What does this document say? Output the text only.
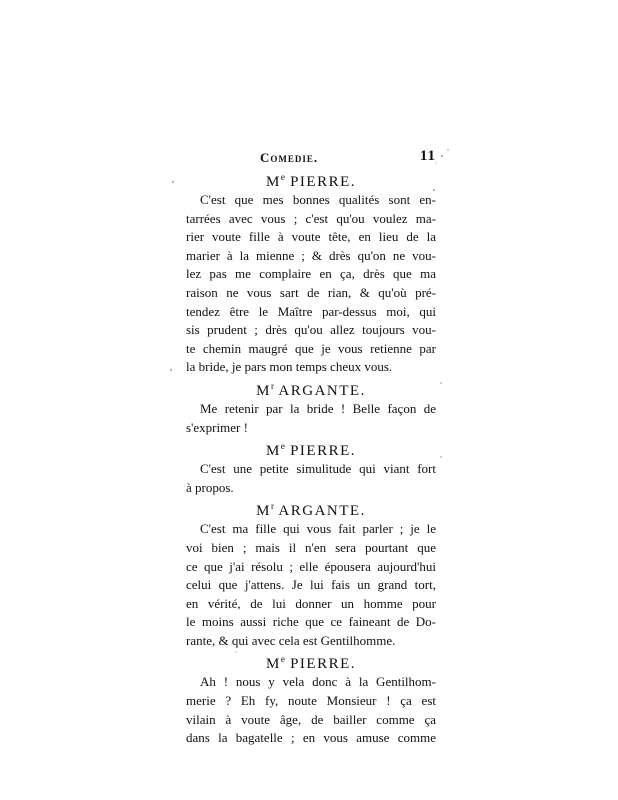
Comedie.	11
Me PIERRE.
C'est que mes bonnes qualités sont en-
tarrées avec vous ; c'est qu'ou voulez ma-
rier voute fille à voute tête, en lieu de la
marier à la mienne ; & drès qu'on ne vou-
lez pas me complaire en ça, drès que ma
raison ne vous sart de rian, & qu'où pré-
tendez être le Maître par-dessus moi, qui
sis prudent ; drès qu'ou allez toujours vou-
te chemin maugré que je vous retienne par
la bride, je pars mon temps cheux vous.
$M^r$ ARGANTE.
Me retenir par la bride ! Belle façon de
s'exprimer !
Me PIERRE.
C'est une petite simulitude qui viant fort
à propos.
$M^r$ ARGANTE.
C'est ma fille qui vous fait parler ; je le
voi bien ; mais il n'en sera pourtant que
ce que j'ai résolu ; elle épousera aujourd'hui
celui que j'attens. Je lui fais un grand tort,
en vérité, de lui donner un homme pour
le moins aussi riche que ce faineant de Do-
rante, & qui avec cela est Gentilhomme.
Me PIERRE.
Ah ! nous y vela donc à la Gentilhom-
merie ? Eh fy, noute Monsieur ! ça est
vilain à voute âge, de bailler comme ça
dans la bagatelle ; en vous amuse comme
